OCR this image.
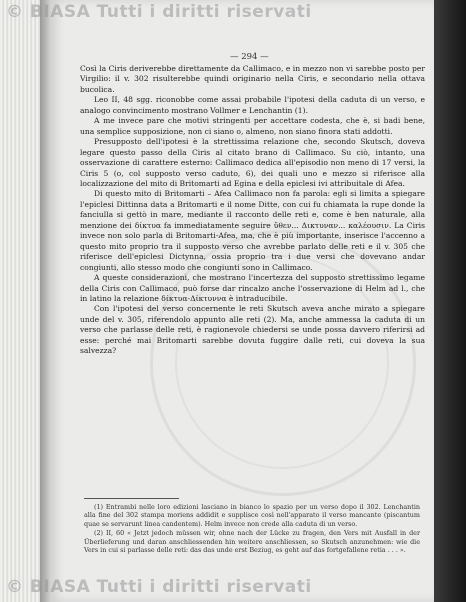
© BIASA Tutti i diritti riservati
— 294 —

Così la Ciris deriverebbe direttamente da Callimaco, e in mezzo non vi sarebbe posto per Virgilio: il v. 302 risulterebbe quindi originario nella Ciris, e secondario nella ottava bucolica.

Leo II, 48 sgg. riconobbe come assai probabile l'ipotesi della caduta di un verso, e analogo convincimento mostrano Vollmer e Lenchantin (1).

A me invece pare che motivi stringenti per accettare codesta, che è, si badi bene, una semplice supposizione, non ci siano o, almeno, non siano finora stati addotti.

Presupposto dell'ipotesi è la strettissima relazione che, secondo Skutsch, doveva legare questo passo della Ciris al citato brano di Callimaco. Su ciò, intanto, una osservazione di carattere esterno: Callimaco dedica all'episodio non meno di 17 versi, la Ciris 5 (o, col supposto verso caduto, 6), dei quali uno e mezzo si riferisce alla localizzazione del mito di Britomarti ad Egina e della epiclesi ivi attribuitale di Afea.

Di questo mito di Britomarti – Afea Callimaco non fa parola: egli si limita a spiegare l'epiclesi Dittinna data a Britomarti e il nome Ditte, con cui fu chiamata la rupe donde la fanciulla si gettò in mare, mediante il racconto delle reti e, come è ben naturale, alla menzione dei δίκτυα fa immediatamente seguire ὕθεν... Δικτυναν... καλέουσιν. La Ciris invece non solo parla di Britomarti-Afea, ma, che è più importante, inserisce l'accenno a questo mito proprio tra il supposto verso che avrebbe parlato delle reti e il v. 305 che riferisce dell'epiclesi Dictynna, ossia proprio tra i due versi che dovevano andar congiunti, allo stesso modo che congiunti sono in Callimaco.

A queste considerazioni, che mostrano l'incertezza del supposto strettissimo legame della Ciris con Callimaco, può forse dar rincalzo anche l'osservazione di Helm ad l., che in latino la relazione δίκτυα-Δίκτυννα è intraducibile.

Con l'ipotesi del verso concernente le reti Skutsch aveva anche mirato a spiegare unde del v. 305, riferendolo appunto alle reti (2). Ma, anche ammessa la caduta di un verso che parlasse delle reti, è ragionevole chiedersi se unde possa davvero riferirsi ad esse: perché mai Britomarti sarebbe dovuta fuggire dalle reti, cui doveva la sua salvezza?

(1) Entrambi nelle loro edizioni lasciano in bianco lo spazio per un verso dopo il 302. Lenchantin alla fine del 302 stampa moriens addidit e supplisce così nell'apparato il verso mancante (piscantum quae se servarunt linea candentem). Helm invece non crede alla caduta di un verso.

(2) II, 60 « Jetzt jedoch müssen wir, ohne nach der Lücke zu fragen, den Vers mit Ausfall in der Überlieferung und daran anschliessenden hin weitere anschliessen, so Skutsch anzunehmen: wie die Vers in cui si parlasse delle reti: das das unde erst Beziug, es geht auf das fortgefallene retia . . . ».

© BIASA Tutti i diritti riservati
